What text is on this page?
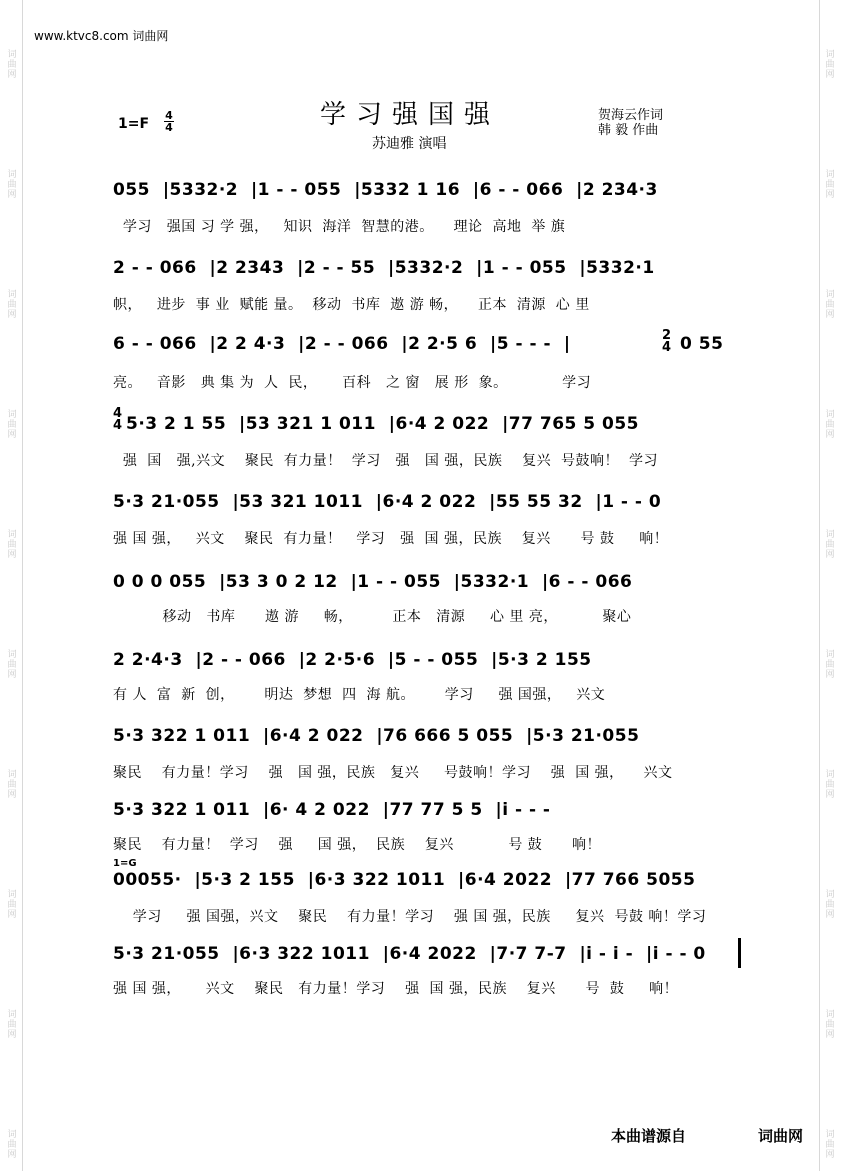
词
曲
网
词
曲
网
词
曲
网
词
曲
网
词
曲
网
词
曲
网
词
曲
网
词
曲
网
词
曲
网
词
曲
网
词
曲
网
词
曲
网
词
曲
网
词
曲
网
词
曲
网
词
曲
网
词
曲
网
词
曲
网
词
曲
网
词
曲
网
www.ktvc8.com 词曲网
$1=F \frac{4}{4}$	学习强国强
苏迪雅 演唱
贺海云作词
韩 毅 作曲
055  |5332·2  |1 - - 055  |5332 1 16  |6 - - 066  |2 234·3
学习   强国 习 学 强，   知识  海洋  智慧的港。    理论  高地  举 旗
2 - - 066  |2 2343  |2 - - 55  |5332·2  |1 - - 055  |5332·1
帜，   进步  事 业  赋能 量。  移动  书库  遨 游 畅，    正本  清源  心 里
6 - - 066  |2 2 4·3  |2 - - 066  |2 2·5 6  |5 - - -  |	2
4 0 55
亮。   音影   典 集 为  人  民，     百科   之 窗   展 形  象。           学习
4
4 5·3 2 1 55  |53 321 1 011  |6·4 2 022  |77 765 5 055
强  国   强,兴文    聚民  有力量！  学习   强   国 强，民族    复兴  号鼓响！  学习
5·3 21·055  |53 321 1011  |6·4 2 022  |55 55 32  |1 - - 0
强 国 强，   兴文    聚民  有力量！   学习   强  国 强，民族    复兴      号 鼓     响！
0 0 0 055  |53 3 0 2 12  |1 - - 055  |5332·1  |6 - - 066
移动   书库      遨 游     畅，        正本   清源     心 里 亮，         聚心
2 2·4·3  |2 - - 066  |2 2·5·6  |5 - - 055  |5·3 2 155
有 人  富  新  创，      明达  梦想  四  海 航。      学习     强 国强，   兴文
5·3 322 1 011  |6·4 2 022  |76 666 5 055  |5·3 21·055
聚民    有力量！学习    强   国 强，民族   复兴     号鼓响！学习    强  国 强，    兴文
5·3 322 1 011  |6· 4 2 022  |77 77 5 5  |i - - -
聚民    有力量！  学习    强     国 强，  民族    复兴           号 鼓      响！
1=G
00055·  |5·3 2 155  |6·3 322 1011  |6·4 2022  |77 766 5055
学习     强 国强，兴文    聚民    有力量！学习    强 国 强，民族     复兴  号鼓 响！学习
5·3 21·055  |6·3 322 1011  |6·4 2022  |7·7 7-7  |i - i -  |i - - 0
强 国 强，     兴文    聚民   有力量！学习    强  国 强，民族    复兴      号  鼓     响！
本曲谱源自	词曲网
